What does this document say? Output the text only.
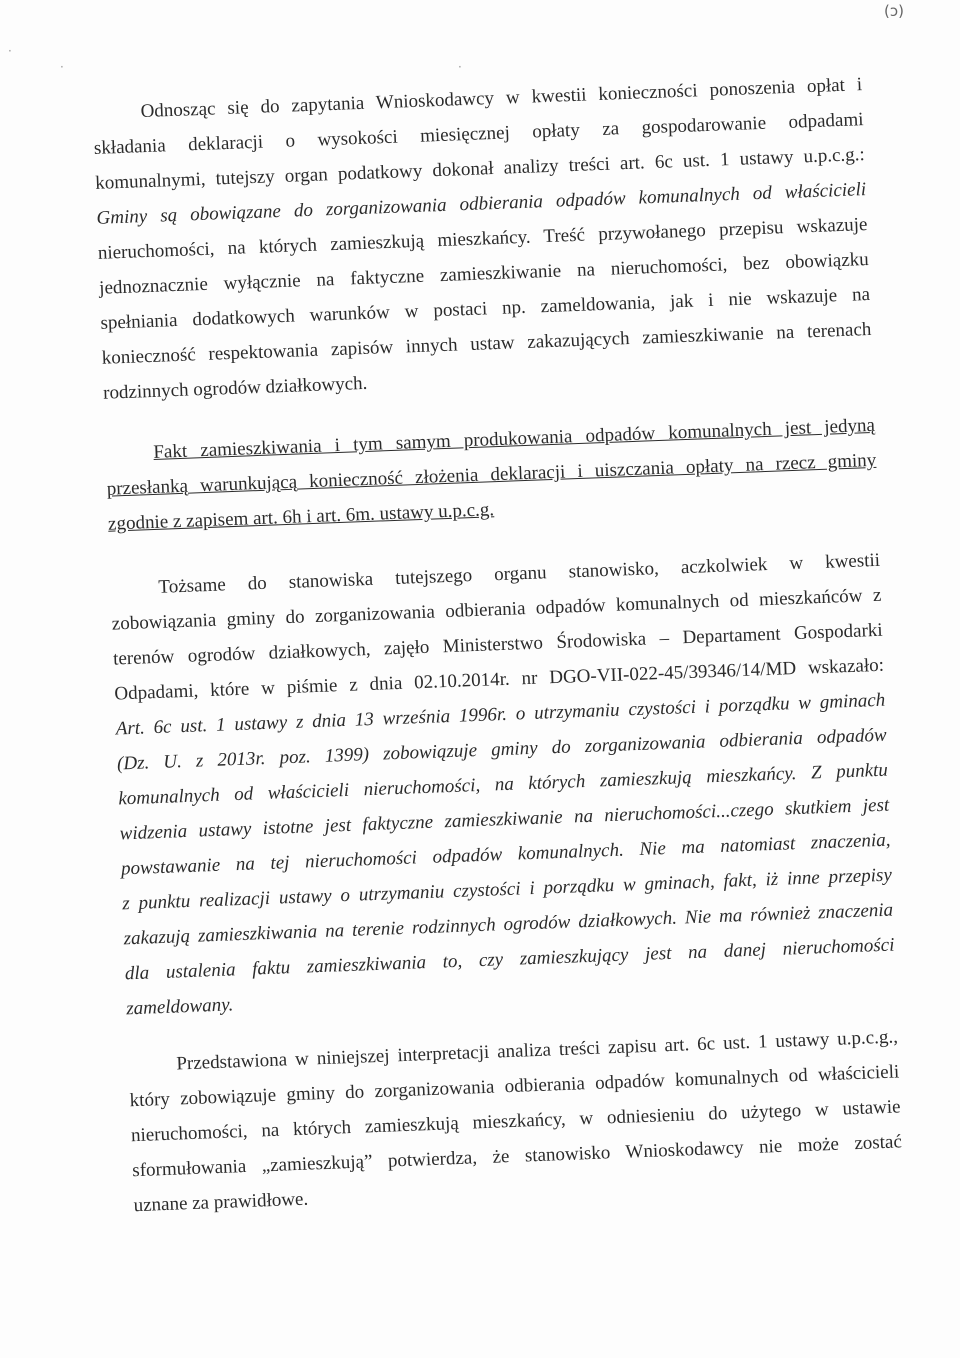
(ɔ)
·
·	·
Odnosząc się do zapytania Wnioskodawcy w kwestii konieczności ponoszenia opłat i
składania deklaracji o wysokości miesięcznej opłaty za gospodarowanie odpadami
komunalnymi, tutejszy organ podatkowy dokonał analizy treści art. 6c ust. 1 ustawy u.p.c.g.:
Gminy są obowiązane do zorganizowania odbierania odpadów komunalnych od właścicieli
nieruchomości, na których zamieszkują mieszkańcy. Treść przywołanego przepisu wskazuje
jednoznacznie wyłącznie na faktyczne zamieszkiwanie na nieruchomości, bez obowiązku
spełniania dodatkowych warunków w postaci np. zameldowania, jak i nie wskazuje na
konieczność respektowania zapisów innych ustaw zakazujących zamieszkiwanie na terenach
rodzinnych ogrodów działkowych.
Fakt zamieszkiwania i tym samym produkowania odpadów komunalnych jest jedyną
przesłanką warunkującą konieczność złożenia deklaracji i uiszczania opłaty na rzecz gminy
zgodnie z zapisem art. 6h i art. 6m. ustawy u.p.c.g.
Tożsame do stanowiska tutejszego organu stanowisko, aczkolwiek w kwestii
zobowiązania gminy do zorganizowania odbierania odpadów komunalnych od mieszkańców z
terenów ogrodów działkowych, zajęło Ministerstwo Środowiska – Departament Gospodarki
Odpadami, które w piśmie z dnia 02.10.2014r. nr DGO-VII-022-45/39346/14/MD wskazało:
Art. 6c ust. 1 ustawy z dnia 13 września 1996r. o utrzymaniu czystości i porządku w gminach
(Dz. U. z 2013r. poz. 1399) zobowiązuje gminy do zorganizowania odbierania odpadów
komunalnych od właścicieli nieruchomości, na których zamieszkują mieszkańcy. Z punktu
widzenia ustawy istotne jest faktyczne zamieszkiwanie na nieruchomości...czego skutkiem jest
powstawanie na tej nieruchomości odpadów komunalnych. Nie ma natomiast znaczenia,
z punktu realizacji ustawy o utrzymaniu czystości i porządku w gminach, fakt, iż inne przepisy
zakazują zamieszkiwania na terenie rodzinnych ogrodów działkowych. Nie ma również znaczenia
dla ustalenia faktu zamieszkiwania to, czy zamieszkujący jest na danej nieruchomości
zameldowany.
Przedstawiona w niniejszej interpretacji analiza treści zapisu art. 6c ust. 1 ustawy u.p.c.g.,
który zobowiązuje gminy do zorganizowania odbierania odpadów komunalnych od właścicieli
nieruchomości, na których zamieszkują mieszkańcy, w odniesieniu do użytego w ustawie
sformułowania „zamieszkują” potwierdza, że stanowisko Wnioskodawcy nie może zostać
uznane za prawidłowe.
